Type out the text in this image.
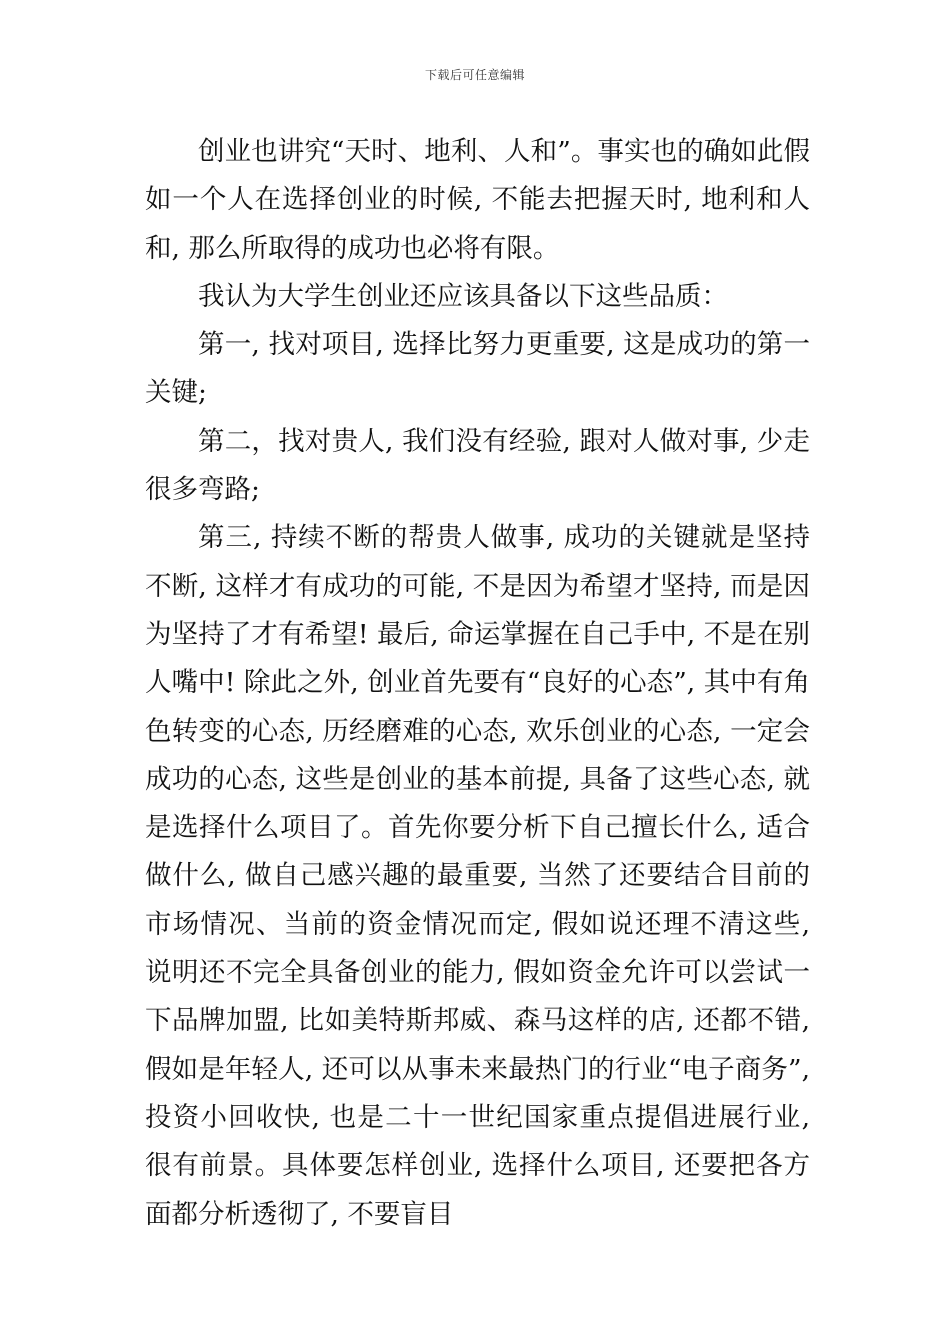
下载后可任意编辑

创业也讲究“天时、地利、人和”。事实也的确如此假如一个人在选择创业的时候, 不能去把握天时, 地利和人和, 那么所取得的成功也必将有限。

我认为大学生创业还应该具备以下这些品质：

第一, 找对项目, 选择比努力更重要, 这是成功的第一关键;

第二，找对贵人, 我们没有经验, 跟对人做对事, 少走很多弯路;

第三, 持续不断的帮贵人做事, 成功的关键就是坚持不断, 这样才有成功的可能, 不是因为希望才坚持, 而是因为坚持了才有希望! 最后, 命运掌握在自己手中, 不是在别人嘴中! 除此之外, 创业首先要有“良好的心态”, 其中有角色转变的心态, 历经磨难的心态, 欢乐创业的心态, 一定会成功的心态, 这些是创业的基本前提, 具备了这些心态, 就是选择什么项目了。首先你要分析下自己擅长什么, 适合做什么, 做自己感兴趣的最重要, 当然了还要结合目前的市场情况、当前的资金情况而定, 假如说还理不清这些, 说明还不完全具备创业的能力, 假如资金允许可以尝试一下品牌加盟, 比如美特斯邦威、森马这样的店, 还都不错, 假如是年轻人, 还可以从事未来最热门的行业“电子商务”, 投资小回收快, 也是二十一世纪国家重点提倡进展行业, 很有前景。具体要怎样创业, 选择什么项目, 还要把各方面都分析透彻了, 不要盲目
